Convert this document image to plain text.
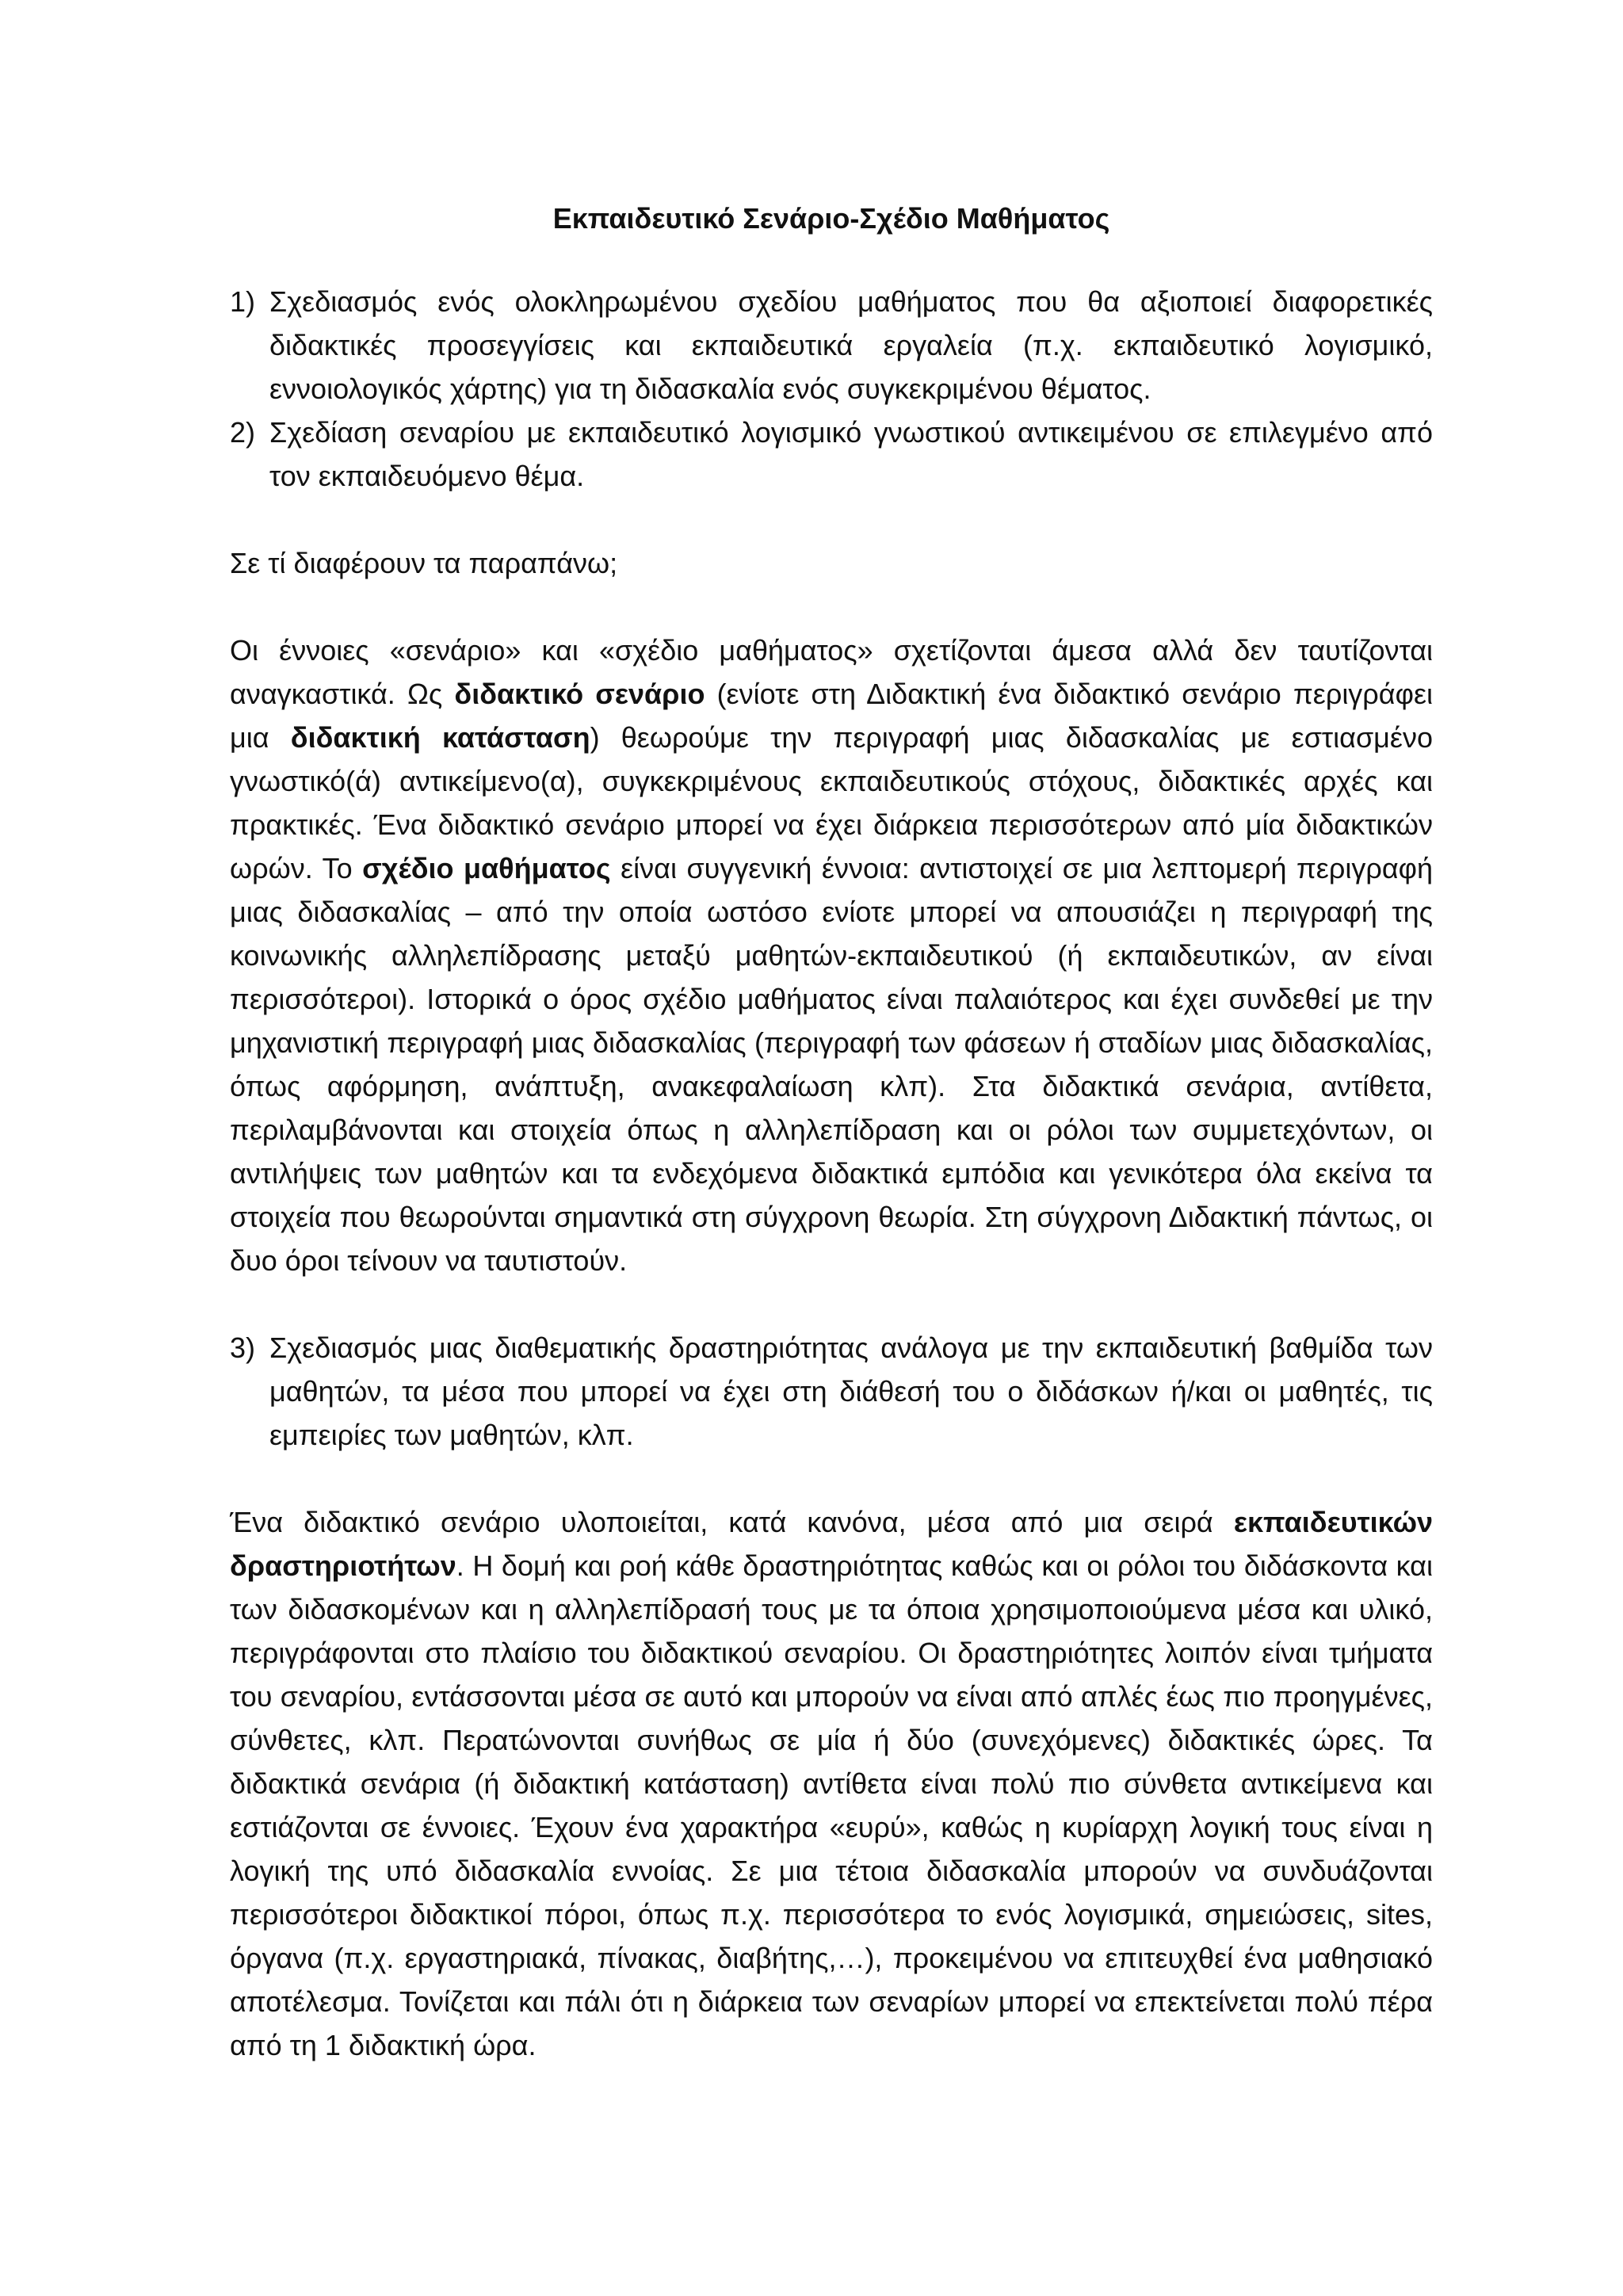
Εκπαιδευτικό Σενάριο-Σχέδιο Μαθήματος

1) Σχεδιασμός ενός ολοκληρωμένου σχεδίου μαθήματος που θα αξιοποιεί διαφορετικές διδακτικές προσεγγίσεις και εκπαιδευτικά εργαλεία (π.χ. εκπαιδευτικό λογισμικό, εννοιολογικός χάρτης) για τη διδασκαλία ενός συγκεκριμένου θέματος.
2) Σχεδίαση σεναρίου με εκπαιδευτικό λογισμικό γνωστικού αντικειμένου σε επιλεγμένο από τον εκπαιδευόμενο θέμα.

Σε τί διαφέρουν τα παραπάνω;

Οι έννοιες «σενάριο» και «σχέδιο μαθήματος» σχετίζονται άμεσα αλλά δεν ταυτίζονται αναγκαστικά. Ως διδακτικό σενάριο (ενίοτε στη Διδακτική ένα διδακτικό σενάριο περιγράφει μια διδακτική κατάσταση) θεωρούμε την περιγραφή μιας διδασκαλίας με εστιασμένο γνωστικό(ά) αντικείμενο(α), συγκεκριμένους εκπαιδευτικούς στόχους, διδακτικές αρχές και πρακτικές. Ένα διδακτικό σενάριο μπορεί να έχει διάρκεια περισσότερων από μία διδακτικών ωρών. Το σχέδιο μαθήματος είναι συγγενική έννοια: αντιστοιχεί σε μια λεπτομερή περιγραφή μιας διδασκαλίας – από την οποία ωστόσο ενίοτε μπορεί να απουσιάζει η περιγραφή της κοινωνικής αλληλεπίδρασης μεταξύ μαθητών-εκπαιδευτικού (ή εκπαιδευτικών, αν είναι περισσότεροι). Ιστορικά ο όρος σχέδιο μαθήματος είναι παλαιότερος και έχει συνδεθεί με την μηχανιστική περιγραφή μιας διδασκαλίας (περιγραφή των φάσεων ή σταδίων μιας διδασκαλίας, όπως αφόρμηση, ανάπτυξη, ανακεφαλαίωση κλπ). Στα διδακτικά σενάρια, αντίθετα, περιλαμβάνονται και στοιχεία όπως η αλληλεπίδραση και οι ρόλοι των συμμετεχόντων, οι αντιλήψεις των μαθητών και τα ενδεχόμενα διδακτικά εμπόδια και γενικότερα όλα εκείνα τα στοιχεία που θεωρούνται σημαντικά στη σύγχρονη θεωρία. Στη σύγχρονη Διδακτική πάντως, οι δυο όροι τείνουν να ταυτιστούν.

3) Σχεδιασμός μιας διαθεματικής δραστηριότητας ανάλογα με την εκπαιδευτική βαθμίδα των μαθητών, τα μέσα που μπορεί να έχει στη διάθεσή του ο διδάσκων ή/και οι μαθητές, τις εμπειρίες των μαθητών, κλπ.

Ένα διδακτικό σενάριο υλοποιείται, κατά κανόνα, μέσα από μια σειρά εκπαιδευτικών δραστηριοτήτων. Η δομή και ροή κάθε δραστηριότητας καθώς και οι ρόλοι του διδάσκοντα και των διδασκομένων και η αλληλεπίδρασή τους με τα όποια χρησιμοποιούμενα μέσα και υλικό, περιγράφονται στο πλαίσιο του διδακτικού σεναρίου. Οι δραστηριότητες λοιπόν είναι τμήματα του σεναρίου, εντάσσονται μέσα σε αυτό και μπορούν να είναι από απλές έως πιο προηγμένες, σύνθετες, κλπ. Περατώνονται συνήθως σε μία ή δύο (συνεχόμενες) διδακτικές ώρες. Τα διδακτικά σενάρια (ή διδακτική κατάσταση) αντίθετα είναι πολύ πιο σύνθετα αντικείμενα και εστιάζονται σε έννοιες. Έχουν ένα χαρακτήρα «ευρύ», καθώς η κυρίαρχη λογική τους είναι η λογική της υπό διδασκαλία εννοίας. Σε μια τέτοια διδασκαλία μπορούν να συνδυάζονται περισσότεροι διδακτικοί πόροι, όπως π.χ. περισσότερα το ενός λογισμικά, σημειώσεις, sites, όργανα (π.χ. εργαστηριακά, πίνακας, διαβήτης,…), προκειμένου να επιτευχθεί ένα μαθησιακό αποτέλεσμα. Τονίζεται και πάλι ότι η διάρκεια των σεναρίων μπορεί να επεκτείνεται πολύ πέρα από τη 1 διδακτική ώρα.
